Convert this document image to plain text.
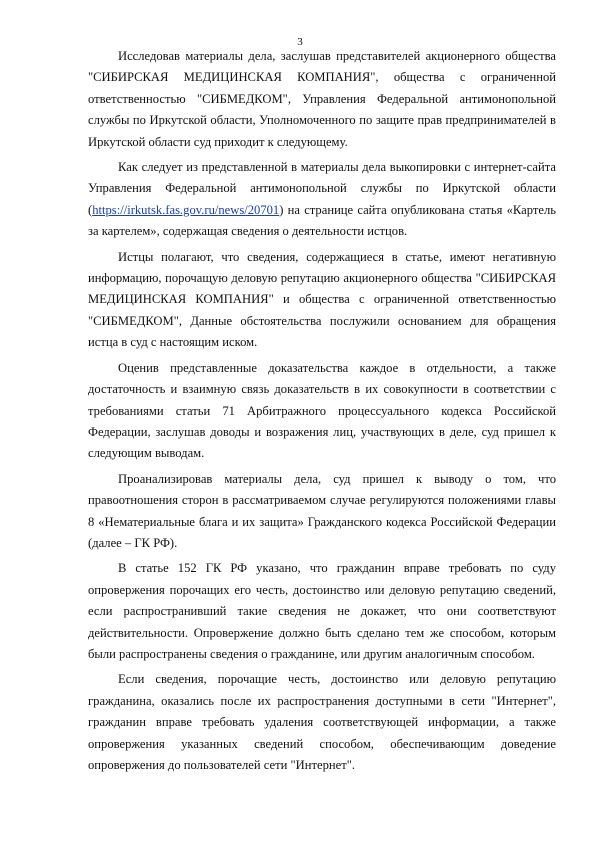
3

Исследовав материалы дела, заслушав представителей акционерного общества "СИБИРСКАЯ МЕДИЦИНСКАЯ КОМПАНИЯ", общества с ограниченной ответственностью "СИБМЕДКОМ", Управления Федеральной антимонопольной службы по Иркутской области, Уполномоченного по защите прав предпринимателей в Иркутской области суд приходит к следующему.

Как следует из представленной в материалы дела выкопировки с интернет-сайта Управления Федеральной антимонопольной службы по Иркутской области (https://irkutsk.fas.gov.ru/news/20701) на странице сайта опубликована статья «Картель за картелем», содержащая сведения о деятельности истцов.

Истцы полагают, что сведения, содержащиеся в статье, имеют негативную информацию, порочащую деловую репутацию акционерного общества "СИБИРСКАЯ МЕДИЦИНСКАЯ КОМПАНИЯ" и общества с ограниченной ответственностью "СИБМЕДКОМ", Данные обстоятельства послужили основанием для обращения истца в суд с настоящим иском.

Оценив представленные доказательства каждое в отдельности, а также достаточность и взаимную связь доказательств в их совокупности в соответствии с требованиями статьи 71 Арбитражного процессуального кодекса Российской Федерации, заслушав доводы и возражения лиц, участвующих в деле, суд пришел к следующим выводам.

Проанализировав материалы дела, суд пришел к выводу о том, что правоотношения сторон в рассматриваемом случае регулируются положениями главы 8 «Нематериальные блага и их защита» Гражданского кодекса Российской Федерации (далее – ГК РФ).

В статье 152 ГК РФ указано, что гражданин вправе требовать по суду опровержения порочащих его честь, достоинство или деловую репутацию сведений, если распространивший такие сведения не докажет, что они соответствуют действительности. Опровержение должно быть сделано тем же способом, которым были распространены сведения о гражданине, или другим аналогичным способом.

Если сведения, порочащие честь, достоинство или деловую репутацию гражданина, оказались после их распространения доступными в сети "Интернет", гражданин вправе требовать удаления соответствующей информации, а также опровержения указанных сведений способом, обеспечивающим доведение опровержения до пользователей сети "Интернет".
